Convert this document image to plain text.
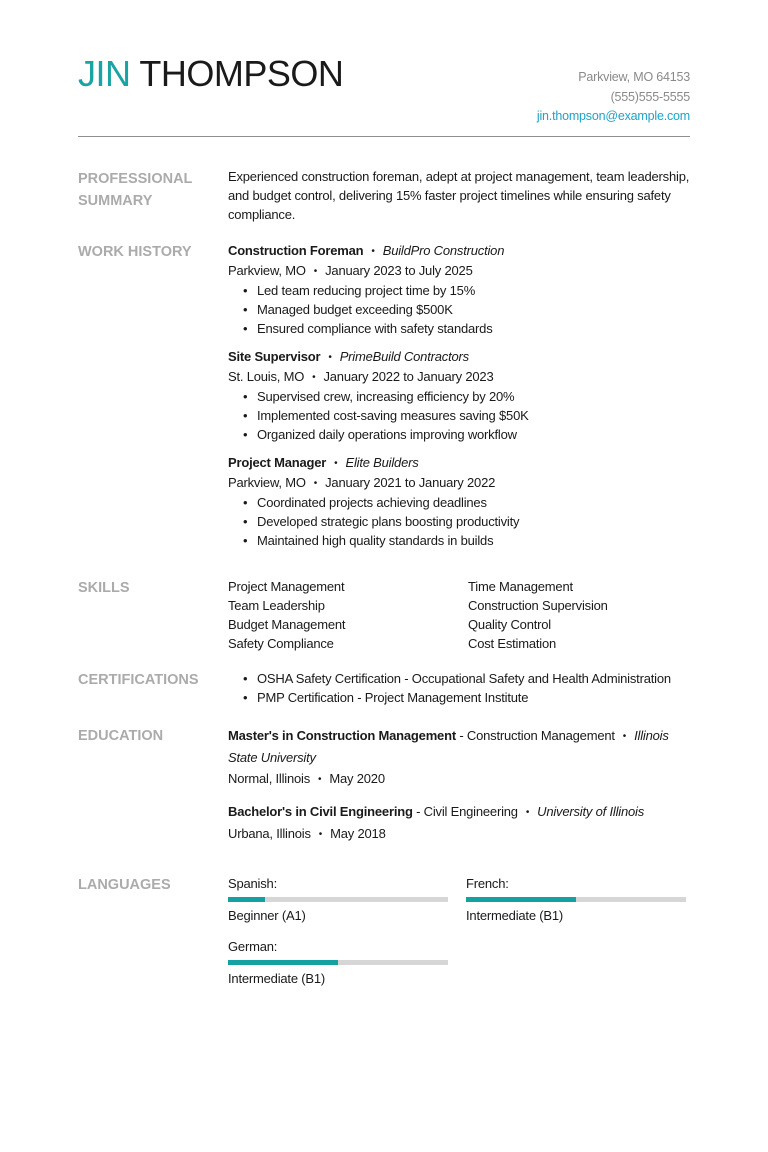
JIN THOMPSON	Parkview, MO 64153
(555)555-5555
jin.thompson@example.com
PROFESSIONAL SUMMARY
Experienced construction foreman, adept at project management, team leadership, and budget control, delivering 15% faster project timelines while ensuring safety compliance.
WORK HISTORY	Construction Foreman • BuildPro Construction
Parkview, MO • January 2023 to July 2025
• Led team reducing project time by 15%
• Managed budget exceeding $500K
• Ensured compliance with safety standards
Site Supervisor • PrimeBuild Contractors
St. Louis, MO • January 2022 to January 2023
• Supervised crew, increasing efficiency by 20%
• Implemented cost-saving measures saving $50K
• Organized daily operations improving workflow
Project Manager • Elite Builders
Parkview, MO • January 2021 to January 2022
• Coordinated projects achieving deadlines
• Developed strategic plans boosting productivity
• Maintained high quality standards in builds
SKILLS	Project Management	Time Management
Team Leadership	Construction Supervision
Budget Management	Quality Control
Safety Compliance	Cost Estimation
CERTIFICATIONS
•	OSHA Safety Certification - Occupational Safety and Health Administration
• PMP Certification - Project Management Institute
EDUCATION	Master's in Construction Management - Construction Management • Illinois State University
Normal, Illinois • May 2020
Bachelor's in Civil Engineering - Civil Engineering • University of Illinois
Urbana, Illinois • May 2018
LANGUAGES	Spanish:
Beginner (A1)
French:
Intermediate (B1)
German:
Intermediate (B1)
